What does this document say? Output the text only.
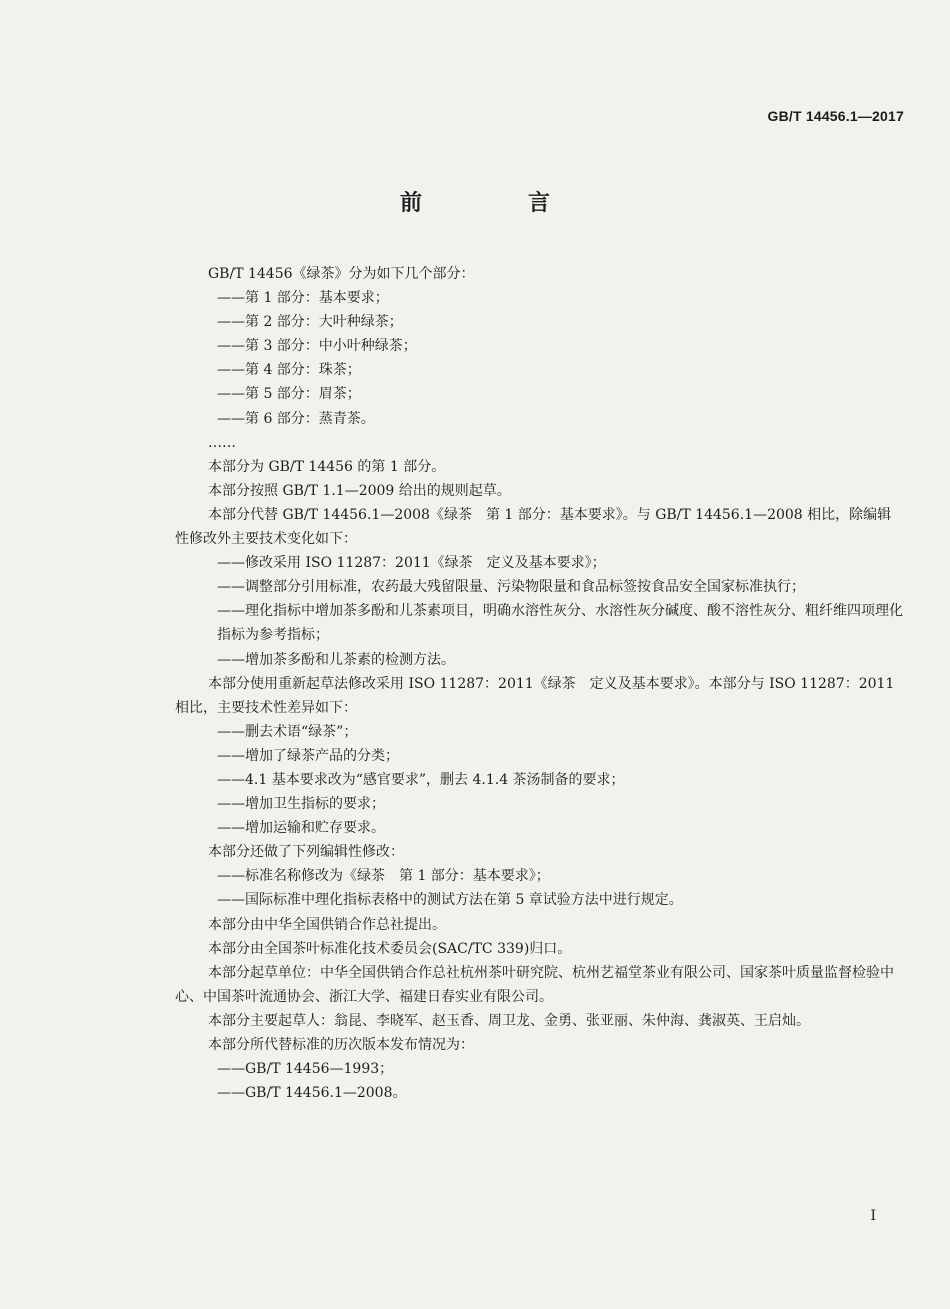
GB/T 14456.1—2017
前　言
GB/T 14456《绿茶》分为如下几个部分：
——第 1 部分：基本要求；
——第 2 部分：大叶种绿茶；
——第 3 部分：中小叶种绿茶；
——第 4 部分：珠茶；
——第 5 部分：眉茶；
——第 6 部分：蒸青茶。
……
本部分为 GB/T 14456 的第 1 部分。
本部分按照 GB/T 1.1—2009 给出的规则起草。
本部分代替 GB/T 14456.1—2008《绿茶　第 1 部分：基本要求》。与 GB/T 14456.1—2008 相比，除编辑性修改外主要技术变化如下：
——修改采用 ISO 11287：2011《绿茶　定义及基本要求》；
——调整部分引用标准，农药最大残留限量、污染物限量和食品标签按食品安全国家标准执行；
——理化指标中增加茶多酚和儿茶素项目，明确水溶性灰分、水溶性灰分碱度、酸不溶性灰分、粗纤维四项理化指标为参考指标；
——增加茶多酚和儿茶素的检测方法。
本部分使用重新起草法修改采用 ISO 11287：2011《绿茶　定义及基本要求》。本部分与 ISO 11287：2011 相比，主要技术性差异如下：
——删去术语“绿茶”；
——增加了绿茶产品的分类；
——4.1 基本要求改为“感官要求”，删去 4.1.4 茶汤制备的要求；
——增加卫生指标的要求；
——增加运输和贮存要求。
本部分还做了下列编辑性修改：
——标准名称修改为《绿茶　第 1 部分：基本要求》；
——国际标准中理化指标表格中的测试方法在第 5 章试验方法中进行规定。
本部分由中华全国供销合作总社提出。
本部分由全国茶叶标准化技术委员会(SAC/TC 339)归口。
本部分起草单位：中华全国供销合作总社杭州茶叶研究院、杭州艺福堂茶业有限公司、国家茶叶质量监督检验中心、中国茶叶流通协会、浙江大学、福建日春实业有限公司。
本部分主要起草人：翁昆、李晓军、赵玉香、周卫龙、金勇、张亚丽、朱仲海、龚淑英、王启灿。
本部分所代替标准的历次版本发布情况为：
——GB/T 14456—1993；
——GB/T 14456.1—2008。
I
